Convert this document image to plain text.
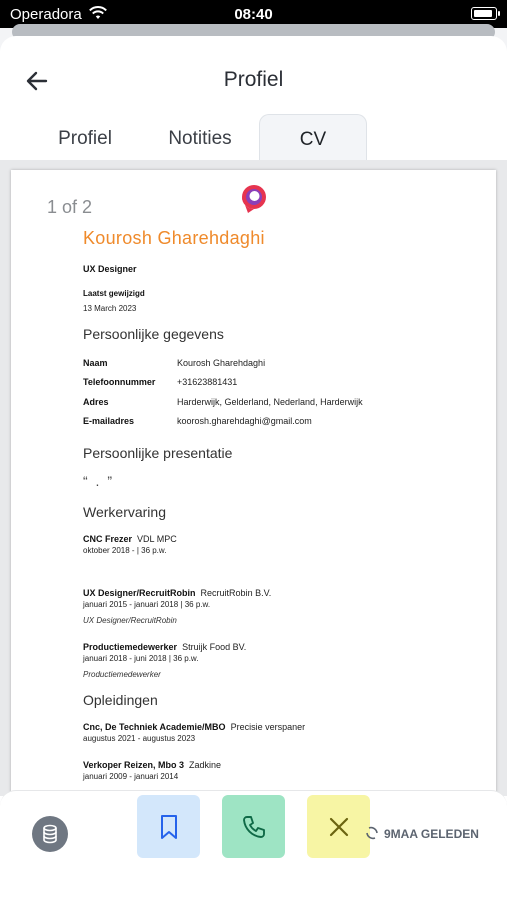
Operadora	08:40
Profiel
Profiel	Notities	CV
1 of 2
Kourosh Gharehdaghi
UX Designer
Laatst gewijzigd
13 March 2023
Persoonlijke gegevens
Naam	Kourosh Gharehdaghi
Telefoonnummer +31623881431
Adres	Harderwijk, Gelderland, Nederland, Harderwijk
E-mailadres	koorosh.gharehdaghi@gmail.com
Persoonlijke presentatie
“ . ”
Werkervaring
CNC Frezer VDL MPC
oktober 2018 - | 36 p.w.
UX Designer/RecruitRobin RecruitRobin B.V.
januari 2015 - januari 2018 | 36 p.w.
UX Designer/RecruitRobin
Productiemedewerker Struijk Food BV.
januari 2018 - juni 2018 | 36 p.w.
Productiemedewerker
Opleidingen
Cnc, De Techniek Academie/MBO Precisie verspaner
augustus 2021 - augustus 2023
Verkoper Reizen, Mbo 3 Zadkine
januari 2009 - januari 2014
9MAA GELEDEN
